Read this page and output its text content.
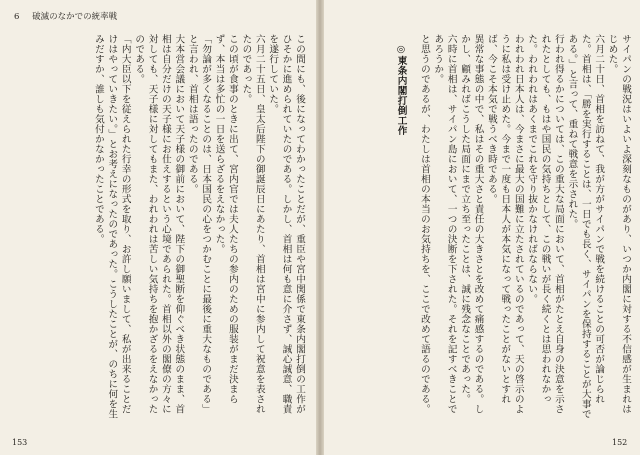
6 破滅のなかでの統率戦

この間にも、後になってわかったことだが、重臣や宮中関係で東条内閣打倒の工作がひそかに進められていたのである。しかし、首相は何も意に介さず、誠心誠意、職責を遂行していた。

六月二十五日、皇太后陛下の御誕辰日にあたり、首相は宮中に参内して祝意を表されたのであった。

この頃が食事のときに出て、宮内官では夫人たちの参内のための服装がまだ決まらず、本当は多忙の一日を送らざるをえなかった。

「勿論が多くなることのは、日本国民の心をつかむことに最後に重大なものである」と言われ、首相は語ったのである。

大本営会議において天子様の御前において、陛下の御聖断を仰ぐべき状態のまま、首相は自分だけの天子様にお仕えするという心境であられた。首相以外の閣僚の方々に対しても、天子様に対してもまた、われわれは苦しい気持ちを抱かざるをえなかったのである。

「内大臣以下を従えられた行幸の形式を取り、お許し願いまして、私が出来ることだけはやっていきたい。」とお考えになったのであった。こうしたことが、のちに何を生みだすか、誰しも気付かなかったことである。

153

サイパンの戦況はいよいよ深刻なものがあり、いつか内閣に対する不信感が生まれはじめた。

六月二十日、首相を訪ねて、我が方がサイパンで戦を続けることの可否が論じられた。首相は、「勝を実行することは、一日でも長く、サイパンを保持することが大事である。」と言って、重ねて戦意を示された。

行われ得るかについては、この重大な局面において、首相がたとえ自身の決意を示されたとしても、もはや国民の気持ちとして、この戦いが長く続くとは思われなかった。われわれはあくまでこれを守り抜かなければならない。

われわれ日本人は、今まさに最大の国難に立たされているのであって、天の啓示のように私は受け止めた。今まで一度も日本人が本気になって戦ったことがないとすれば、今こそ本気で戦うべき時である。

異常な事態の中で、私はその重大さと責任の大きさとを改めて痛感するのである。しかし、顧みればこうした局面にまで立ち至ったことは、誠に残念なことであった。

六時に首相は、サイパン島において、一つの決断を下された。それを記すべきことであろうか。

と思うのであるが、わたしは首相の本当のお気持ちを、ここで改めて語るのである。

◎東条内閣打倒工作

152
